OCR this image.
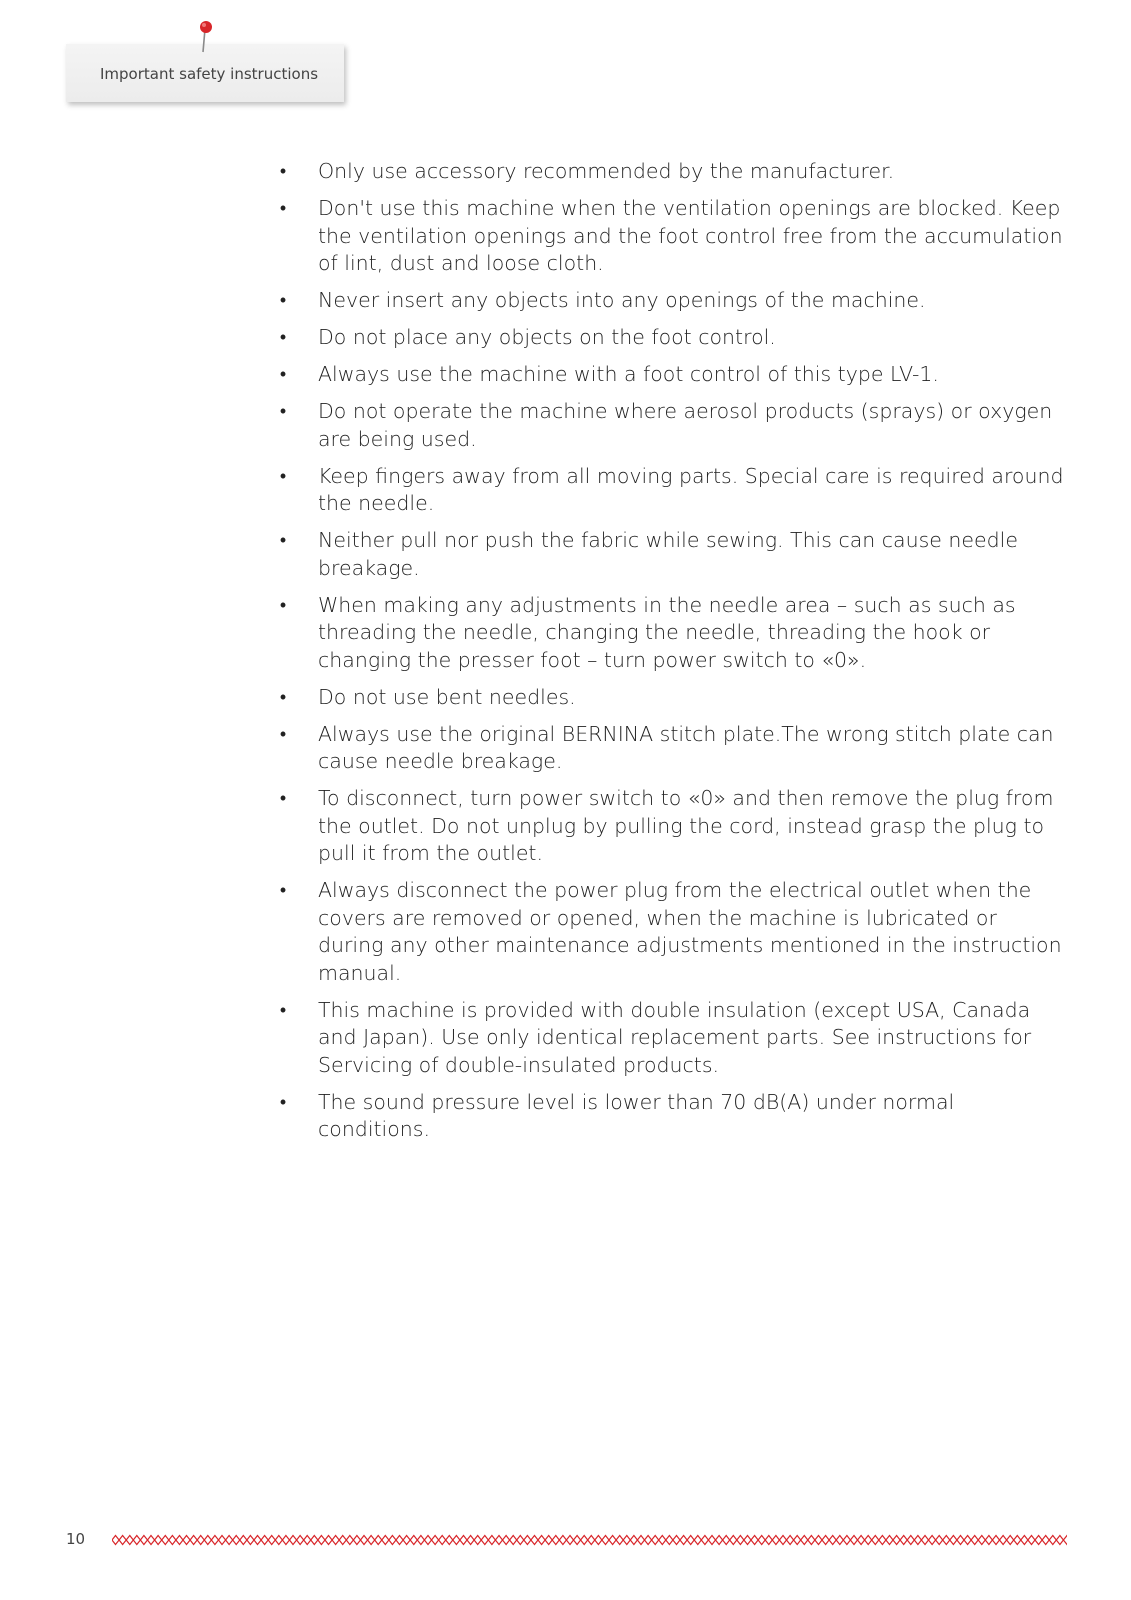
Important safety instructions
• Only use accessory recommended by the manufacturer.
• Don't use this machine when the ventilation openings are blocked. Keep the ventilation openings and the foot control free from the accumulation of lint, dust and loose cloth.
• Never insert any objects into any openings of the machine.
• Do not place any objects on the foot control.
• Always use the machine with a foot control of this type LV-1.
• Do not operate the machine where aerosol products (sprays) or oxygen are being used.
• Keep fingers away from all moving parts. Special care is required around the needle.
• Neither pull nor push the fabric while sewing. This can cause needle breakage.
• When making any adjustments in the needle area – such as such as threading the needle, changing the needle, threading the hook or changing the presser foot – turn power switch to «0».
• Do not use bent needles.
• Always use the original BERNINA stitch plate.The wrong stitch plate can cause needle breakage.
• To disconnect, turn power switch to «0» and then remove the plug from the outlet. Do not unplug by pulling the cord, instead grasp the plug to pull it from the outlet.
• Always disconnect the power plug from the electrical outlet when the covers are removed or opened, when the machine is lubricated or during any other maintenance adjustments mentioned in the instruction manual.
• This machine is provided with double insulation (except USA, Canada and Japan). Use only identical replacement parts. See instructions for Servicing of double-insulated products.
• The sound pressure level is lower than 70 dB(A) under normal conditions.
10
